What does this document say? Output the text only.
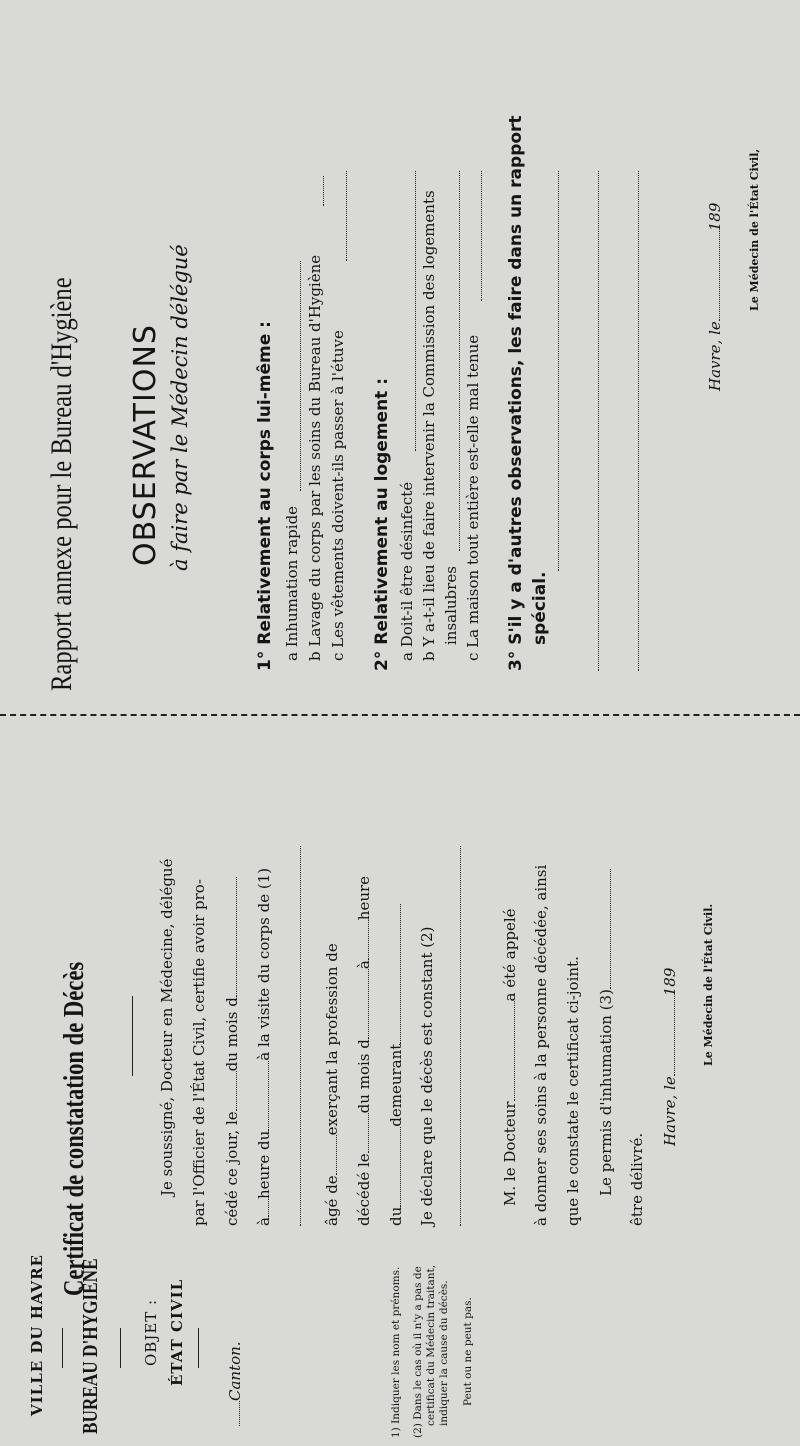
VILLE DU HAVRE BUREAU D'HYGIÈNE	OBJET : ÉTAT CIVIL	Canton.	1) Indiquer les nom et prénoms. (2) Dans le cas où il n'y a pas de certificat du Médecin traitant, indiquer la cause du décès. Peut ou ne peut pas.
Certificat de constatation de Décès	Je soussigné, Docteur en Médecine, délégué par l'Officier de l'État Civil, certifie avoir pro- cédé ce jour, ledu mois d
àheure duà la visite du corps de (1)
âgé deexerçant la profession de
décédé ledu mois dàheure
dudemeurant Je déclare que le décès est constant (2)	M. le Docteura été appelé à donner ses soins à la personne décédée, ainsi que le constate le certificat ci-joint. Le permis d'inhumation (3) être délivré.
Havre, le189 Le Médecin de l'État Civil.
Rapport annexe pour le Bureau d'Hygiène OBSERVATIONS à faire par le Médecin délégué	1° Relativement au corps lui-même : a Inhumation rapide b Lavage du corps par les soins du Bureau d'Hygiène c Les vêtements doivent-ils passer à l'étuve 2° Relativement au logement : a Doit-il être désinfecté b Y a-t-il lieu de faire intervenir la Commission des logements insalubres c La maison tout entière est-elle mal tenue 3° S'il y a d'autres observations, les faire dans un rapport spécial.
Havre, le189 Le Médecin de l'État Civil,
